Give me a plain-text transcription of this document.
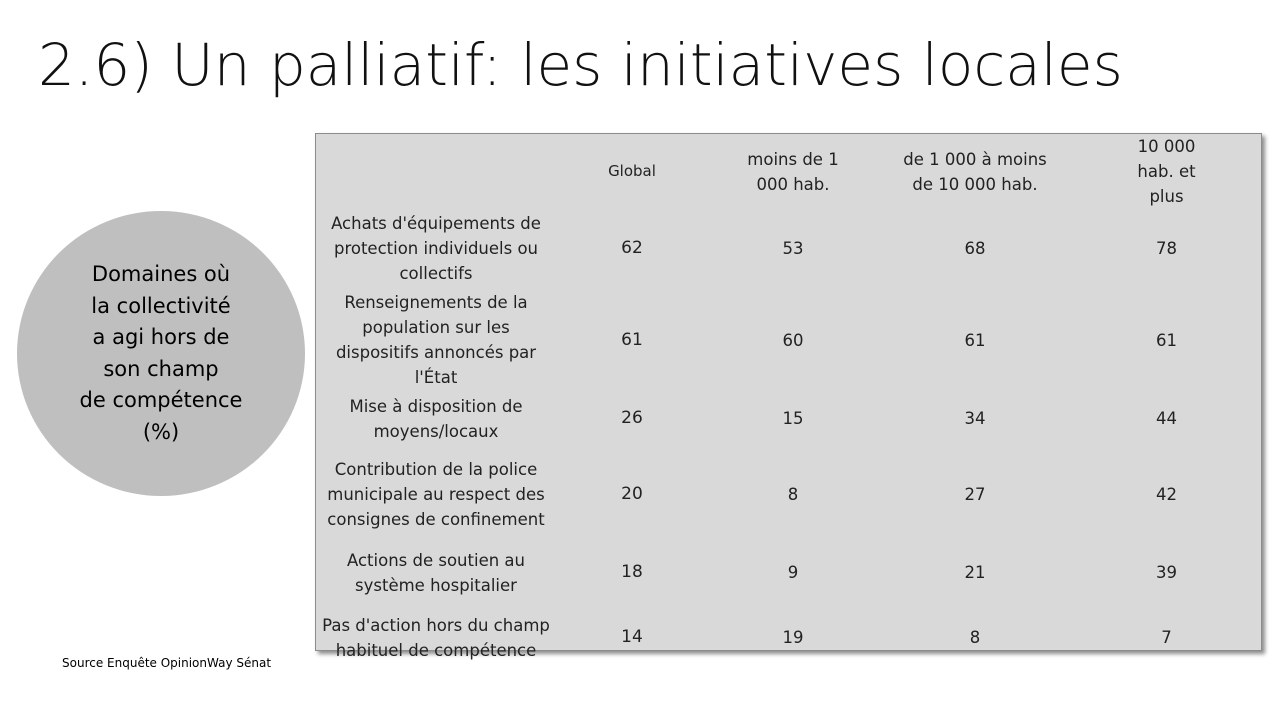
2.6) Un palliatif: les initiatives locales
Domaines où
la collectivité
a agi hors de
son champ
de compétence
(%)
	Global	moins de 1 000 hab.	de 1 000 à moins de 10 000 hab.	10 000 hab. et plus
Achats d'équipements de protection individuels ou collectifs	62	53	68	78
Renseignements de la population sur les dispositifs annoncés par l'État	61	60	61	61
Mise à disposition de moyens/locaux	26	15	34	44
Contribution de la police municipale au respect des consignes de confinement	20	8	27	42
Actions de soutien au système hospitalier	18	9	21	39
Pas d'action hors du champ habituel de compétence	14	19	8	7
Source Enquête OpinionWay Sénat
